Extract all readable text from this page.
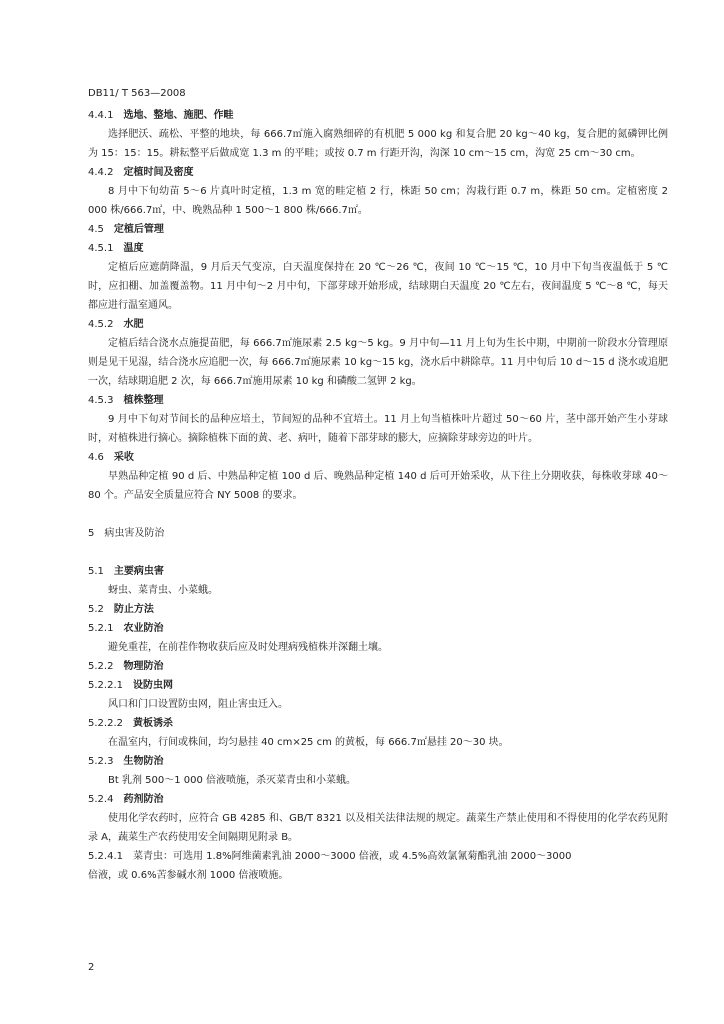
DB11/ T 563—2008
4.4.1 选地、整地、施肥、作畦
选择肥沃、疏松、平整的地块，每 666.7㎡施入腐熟细碎的有机肥 5 000 kg 和复合肥 20 kg～40 kg，复合肥的氮磷钾比例为 15：15：15。耕耘整平后做成宽 1.3 m 的平畦；或按 0.7 m 行距开沟，沟深 10 cm～15 cm，沟宽 25 cm～30 cm。
4.4.2 定植时间及密度
8 月中下旬幼苗 5～6 片真叶时定植，1.3 m 宽的畦定植 2 行，株距 50 cm；沟栽行距 0.7 m，株距 50 cm。定植密度 2 000 株/666.7㎡，中、晚熟品种 1 500～1 800 株/666.7㎡。
4.5 定植后管理
4.5.1 温度
定植后应遮荫降温，9 月后天气变凉，白天温度保持在 20 ℃～26 ℃，夜间 10 ℃～15 ℃，10 月中下旬当夜温低于 5 ℃时，应扣棚、加盖覆盖物。11 月中旬～2 月中旬，下部芽球开始形成，结球期白天温度 20 ℃左右，夜间温度 5 ℃～8 ℃，每天都应进行温室通风。
4.5.2 水肥
定植后结合浇水点施提苗肥，每 666.7㎡施尿素 2.5 kg～5 kg。9 月中旬—11 月上旬为生长中期，中期前一阶段水分管理原则是见干见湿，结合浇水应追肥一次，每 666.7㎡施尿素 10 kg～15 kg，浇水后中耕除草。11 月中旬后 10 d～15 d 浇水或追肥一次，结球期追肥 2 次，每 666.7㎡施用尿素 10 kg 和磷酸二氢钾 2 kg。
4.5.3 植株整理
9 月中下旬对节间长的品种应培土，节间短的品种不宜培土。11 月上旬当植株叶片超过 50～60 片，茎中部开始产生小芽球时，对植株进行摘心。摘除植株下面的黄、老、病叶，随着下部芽球的膨大，应摘除芽球旁边的叶片。
4.6 采收
早熟品种定植 90 d 后、中熟品种定植 100 d 后、晚熟品种定植 140 d 后可开始采收，从下往上分期收获，每株收芽球 40～80 个。产品安全质量应符合 NY 5008 的要求。
5 病虫害及防治
5.1 主要病虫害
蚜虫、菜青虫、小菜蛾。
5.2 防止方法
5.2.1 农业防治
避免重茬，在前茬作物收获后应及时处理病残植株并深翻土壤。
5.2.2 物理防治
5.2.2.1 设防虫网
风口和门口设置防虫网，阻止害虫迁入。
5.2.2.2 黄板诱杀
在温室内，行间或株间，均匀悬挂 40 cm×25 cm 的黄板，每 666.7㎡悬挂 20～30 块。
5.2.3 生物防治
Bt 乳剂 500～1 000 倍液喷施，杀灭菜青虫和小菜蛾。
5.2.4 药剂防治
使用化学农药时，应符合 GB 4285 和、GB/T 8321 以及相关法律法规的规定。蔬菜生产禁止使用和不得使用的化学农药见附录 A，蔬菜生产农药使用安全间隔期见附录 B。
5.2.4.1 菜青虫：可选用 1.8%阿维菌素乳油 2000～3000 倍液，或 4.5%高效氯氰菊酯乳油 2000～3000
倍液，或 0.6%苦参碱水剂 1000 倍液喷施。
2
